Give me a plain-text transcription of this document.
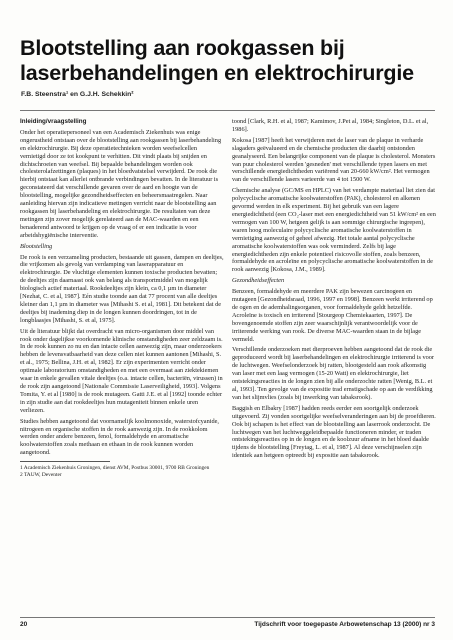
Blootstelling aan rookgassen bij laserbehandelingen en elektrochirurgie
F.B. Steenstra¹ en G.J.H. Schekkin²

Inleiding/vraagstelling

Onder het operatiepersoneel van een Academisch Ziekenhuis was enige ongerustheid ontstaan over de blootstelling aan rookgassen bij laserbehandeling en elektrochirurgie. Bij deze operatietechnieken worden weefselcellen vernietigd door ze tot kookpunt te verhitten. Dit vindt plaats bij snijden en dichtschroeien van weefsel. Bij bepaalde behandelingen worden ook cholesterolafzettingen (plaques) in het bloedvatstelsel verwijderd. De rook die hierbij ontstaat kan allerlei ontbrande verbindingen bevatten. In de literatuur is geconstateerd dat verschillende gevaren over de aard en hoogte van de blootstelling, mogelijke gezondheidseffecten en beheersmaatregelen. Naar aanleiding hiervan zijn indicatieve metingen verricht naar de blootstelling aan rookgassen bij laserbehandeling en elektrochirurgie. De resultaten van deze metingen zijn zover mogelijk gerelateerd aan de MAC-waarden en een benaderend antwoord te krijgen op de vraag of er een indicatie is voor arbeidshygiënische interventie.

Blootstelling

De rook is een verzameling producten, bestaande uit gassen, dampen en deeltjes, die vrijkomen als gevolg van verdamping van laserapparatuur en elektrochirurgie. De vluchtige elementen kunnen toxische producten bevatten; de deeltjes zijn daarnaast ook van belang als transportmiddel van mogelijk biologisch actief materiaal. Rookdeeltjes zijn klein, ca 0,1 µm in diameter [Nezhat, C. et al, 1987]. Eén studie toonde aan dat 77 procent van alle deeltjes kleiner dan 1,1 µm in diameter was [Mihashi S. et al, 1981]. Dit betekent dat de deeltjes bij inademing diep in de longen kunnen doordringen, tot in de longblaasjes [Mihashi, S. et al, 1975].

Uit de literatuur blijkt dat overdracht van micro-organismen door middel van rook onder dagelijkse voorkomende klinische omstandigheden zeer zeldzaam is. In de rook kunnen zo nu en dan intacte cellen aanwezig zijn, maar onderzoekers hebben de levensvatbaarheid van deze cellen niet kunnen aantonen [Mihashi, S. et al., 1975; Bellina, J.H. et al, 1982]. Er zijn experimenten verricht onder optimale laboratorium omstandigheden en met een overmaat aan ziektekiemen waar in enkele gevallen vitale deeltjes (o.a. intacte cellen, bacteriën, virussen) in de rook zijn aangetoond [Nationale Commissie Laserveiligheid, 1993]. Volgens Tomita, Y. et al [1980] is de rook mutageen. Gatti J.E. et al [1992] toonde echter in zijn studie aan dat rookdeeltjes hun mutageniteit binnen enkele uren verliezen.

Studies hebben aangetoond dat voornamelijk koolmonoxide, waterstofcyanide, nitrogeen en organische stoffen in de rook aanwezig zijn. In de rookkolom werden onder andere benzeen, fenol, formaldehyde en aromatische koolwaterstoffen zoals methaan en ethaan in de rook kunnen worden aangetoond.

1 Academisch Ziekenhuis Groningen, dienst AVM, Postbus 30001, 9700 RB Groningen
2 TAUW, Deventer

toond [Clark, R.H. et al, 1987; Kamimov, J.Pet al, 1984; Singleton, D.L. et al, 1986].

Kokosa [1987] heeft het verwijderen met de laser van de plaque in verharde slagaders geëvalueerd en de chemische producten die daarbij ontstonden geanalyseerd. Een belangrijke component van de plaque is cholesterol. Monsters van puur cholesterol werden 'gesneden' met verschillende typen lasers en met verschillende energiedichtheden variërend van 20-660 kW/cm². Het vermogen van de verschillende lasers varieerde van 4 tot 1500 W.

Chemische analyse (GC/MS en HPLC) van het verdampte materiaal liet zien dat polycyclische aromatische koolwaterstoffen (PAK), cholesterol en alkenen gevormd werden in elk experiment. Bij het gebruik van een lagere energiedichtheid (een CO₂-laser met een energiedichtheid van 51 kW/cm² en een vermogen van 100 W, hetgeen gelijk is aan sommige chirurgische ingrepen), waren hoog moleculaire polycyclische aromatische koolwaterstoffen in vernietiging aanwezig of geheel afwezig. Het totale aantal polycyclische aromatische koolwaterstoffen was ook verminderd. Zelfs bij lage energiedichtheden zijn enkele potentieel risicovolle stoffen, zoals benzeen, formaldehyde en acroleïne en polycyclische aromatische koolwaterstoffen in de rook aanwezig [Kokosa, J.M., 1989].

Gezondheidseffecten

Benzeen, formaldehyde en meerdere PAK zijn bewezen carcinogeen en mutageen [Gezondheidsraad, 1996, 1997 en 1998]. Benzeen werkt irriterend op de ogen en de ademhalingsorganen, voor formaldehyde geldt hetzelfde. Acroleïne is toxisch en irriterend [Stourgeop Chemiekaarten, 1997]. De bovengenoemde stoffen zijn zeer waarschijnlijk verantwoordelijk voor de irriterende werking van rook. De diverse MAC-waarden staan in de bijlage vermeld.

Verschillende onderzoeken met dierproeven hebben aangetoond dat de rook die geproduceerd wordt bij laserbehandelingen en elektrochirurgie irriterend is voor de luchtwegen. Weefselonderzoek bij ratten, blootgesteld aan rook afkomstig van laser met een laag vermogen (15-20 Watt) en elektrochirurgie, liet ontstekingsreacties in de longen zien bij alle onderzochte ratten [Wenig, B.L. et al, 1993]. Ten gevolge van de expositie trad ernstigschade op aan de verdikking van het slijmvlies (zoals bij inwerking van tabaksrook).

Baggish en Elbakry [1987] hadden reeds eerder een soortgelijk onderzoek uitgevoerd. Zij vonden soortgelijke weefselveranderingen aan bij de proefdieren. Ook bij schapen is het effect van de blootstelling aan laserrook onderzocht. De luchtwegen van het luchtweggeleidbepaalde functioneren minder, er traden ontstekingsreacties op in de longen en de koolzuur afname in het bloed daalde tijdens de blootstelling [Freytag, L. et al, 1987]. Al deze verschijnselen zijn identiek aan hetgeen optreedt bij expositie aan tabaksrook.

20	Tijdschrift voor toegepaste Arbowetenschap 13 (2000) nr 3
